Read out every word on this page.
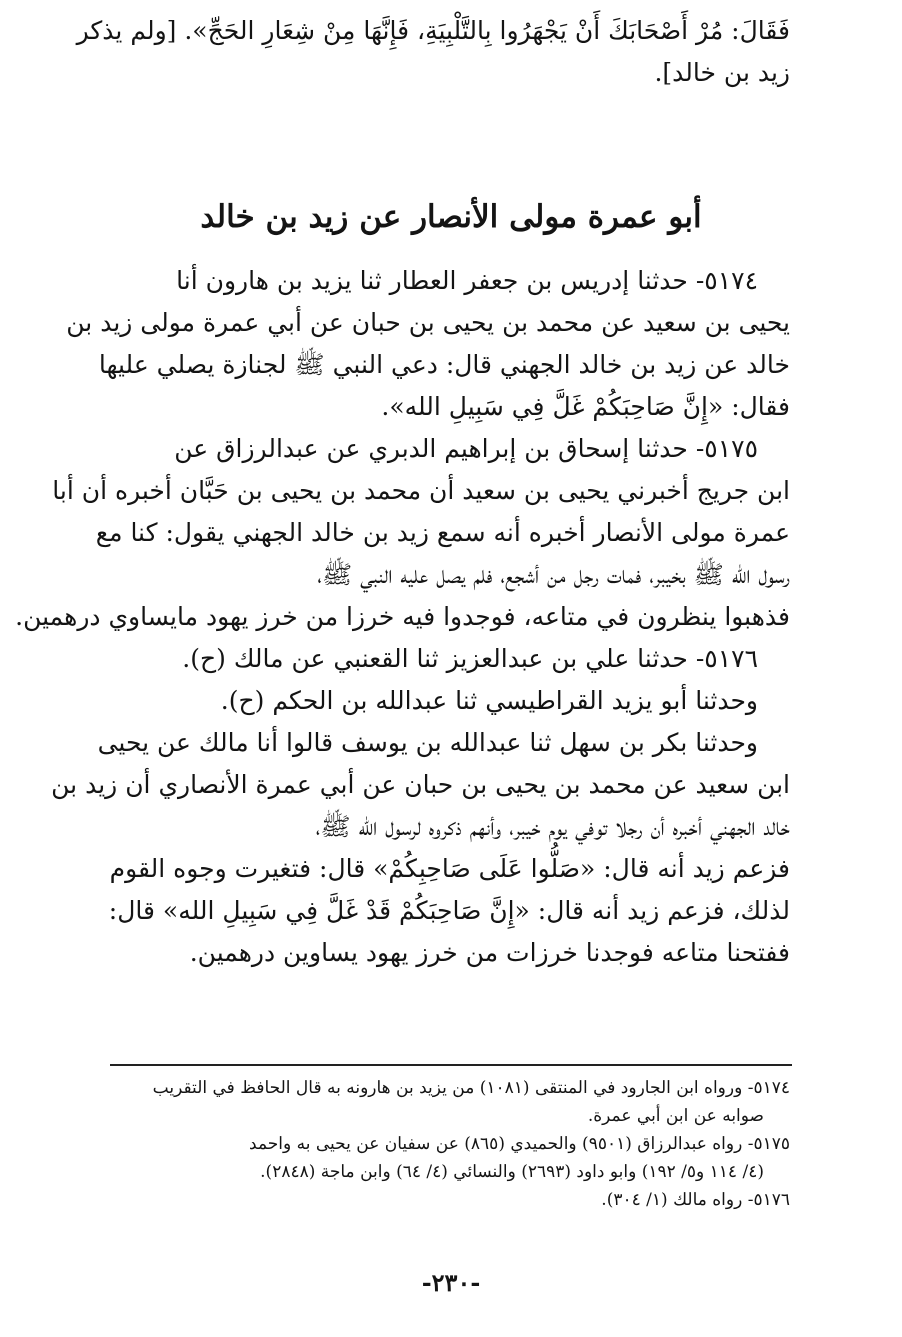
فَقَالَ: مُرْ أَصْحَابَكَ أَنْ يَجْهَرُوا بِالتَّلْبِيَةِ، فَإِنَّهَا مِنْ شِعَارِ الحَجِّ». [ولم يذكر
زيد بن خالد].
أبو عمرة مولى الأنصار عن زيد بن خالد
٥١٧٤- حدثنا إدريس بن جعفر العطار ثنا يزيد بن هارون أنا
يحيى بن سعيد عن محمد بن يحيى بن حبان عن أبي عمرة مولى زيد بن
خالد عن زيد بن خالد الجهني قال: دعي النبي ﷺ لجنازة يصلي عليها
فقال: «إِنَّ صَاحِبَكُمْ غَلَّ فِي سَبِيلِ الله».
٥١٧٥- حدثنا إسحاق بن إبراهيم الدبري عن عبدالرزاق عن
ابن جريج أخبرني يحيى بن سعيد أن محمد بن يحيى بن حَبَّان أخبره أن أبا
عمرة مولى الأنصار أخبره أنه سمع زيد بن خالد الجهني يقول: كنا مع
رسول الله ﷺ بخيبر، فمات رجل من أشجع، فلم يصل عليه النبي ﷺ،
فذهبوا ينظرون في متاعه، فوجدوا فيه خرزا من خرز يهود مايساوي درهمين.
٥١٧٦- حدثنا علي بن عبدالعزيز ثنا القعنبي عن مالك (ح).
وحدثنا أبو يزيد القراطيسي ثنا عبدالله بن الحكم (ح).
وحدثنا بكر بن سهل ثنا عبدالله بن يوسف قالوا أنا مالك عن يحيى
ابن سعيد عن محمد بن يحيى بن حبان عن أبي عمرة الأنصاري أن زيد بن
خالد الجهني أخبره أن رجلا توفي يوم خيبر، وأنهم ذكروه لرسول الله ﷺ،
فزعم زيد أنه قال: «صَلُّوا عَلَى صَاحِبِكُمْ» قال: فتغيرت وجوه القوم
لذلك، فزعم زيد أنه قال: «إِنَّ صَاحِبَكُمْ قَدْ غَلَّ فِي سَبِيلِ الله» قال:
ففتحنا متاعه فوجدنا خرزات من خرز يهود يساوين درهمين.
٥١٧٤- ورواه ابن الجارود في المنتقى (١٠٨١) من يزيد بن هارونه به قال الحافظ في التقريب
صوابه عن ابن أبي عمرة.
٥١٧٥- رواه عبدالرزاق (٩٥٠١) والحميدي (٨٦٥) عن سفيان عن يحيى به واحمد
(٤/ ١١٤ و٥/ ١٩٢) وابو داود (٢٦٩٣) والنسائي (٤/ ٦٤) وابن ماجة (٢٨٤٨).
٥١٧٦- رواه مالك (١/ ٣٠٤).
-٢٣٠-
